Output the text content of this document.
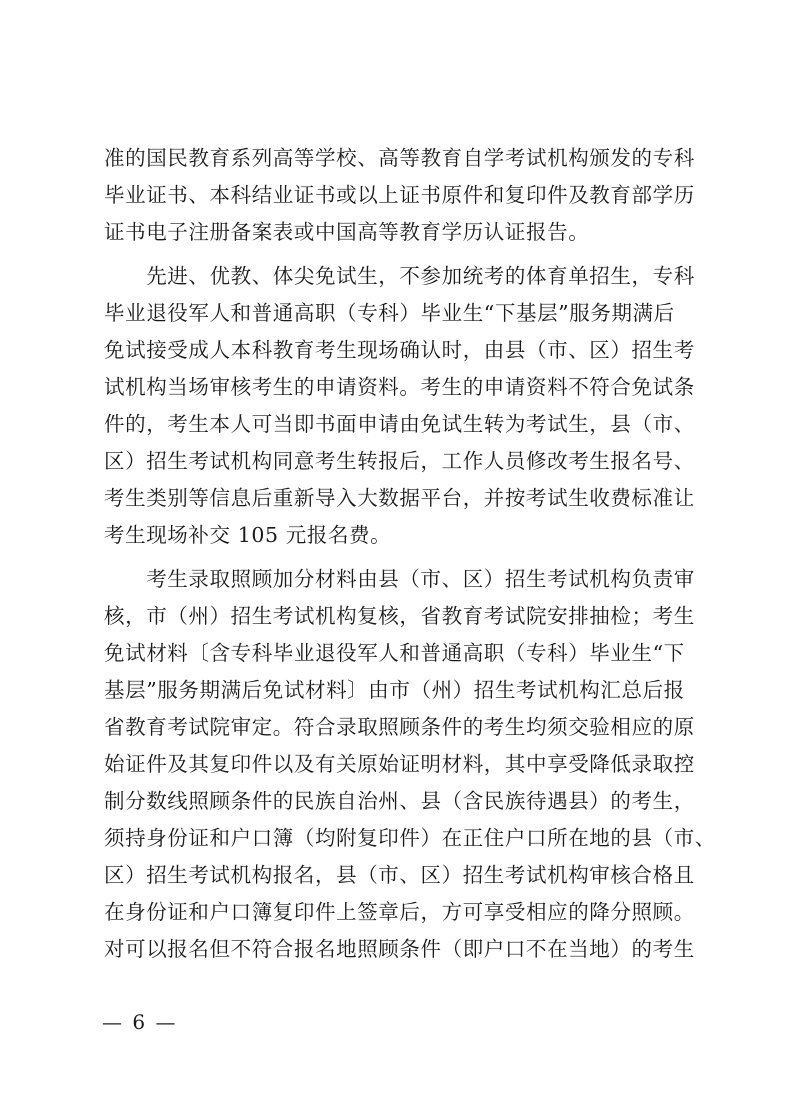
准的国民教育系列高等学校、高等教育自学考试机构颁发的专科
毕业证书、本科结业证书或以上证书原件和复印件及教育部学历
证书电子注册备案表或中国高等教育学历认证报告。
　　先进、优教、体尖免试生，不参加统考的体育单招生，专科
毕业退役军人和普通高职（专科）毕业生“下基层”服务期满后
免试接受成人本科教育考生现场确认时，由县（市、区）招生考
试机构当场审核考生的申请资料。考生的申请资料不符合免试条
件的，考生本人可当即书面申请由免试生转为考试生，县（市、
区）招生考试机构同意考生转报后，工作人员修改考生报名号、
考生类别等信息后重新导入大数据平台，并按考试生收费标准让
考生现场补交 105 元报名费。
　　考生录取照顾加分材料由县（市、区）招生考试机构负责审
核，市（州）招生考试机构复核，省教育考试院安排抽检；考生
免试材料〔含专科毕业退役军人和普通高职（专科）毕业生“下
基层”服务期满后免试材料〕由市（州）招生考试机构汇总后报
省教育考试院审定。符合录取照顾条件的考生均须交验相应的原
始证件及其复印件以及有关原始证明材料，其中享受降低录取控
制分数线照顾条件的民族自治州、县（含民族待遇县）的考生，
须持身份证和户口簿（均附复印件）在正住户口所在地的县（市、
区）招生考试机构报名，县（市、区）招生考试机构审核合格且
在身份证和户口簿复印件上签章后，方可享受相应的降分照顾。
对可以报名但不符合报名地照顾条件（即户口不在当地）的考生
— 6 —
